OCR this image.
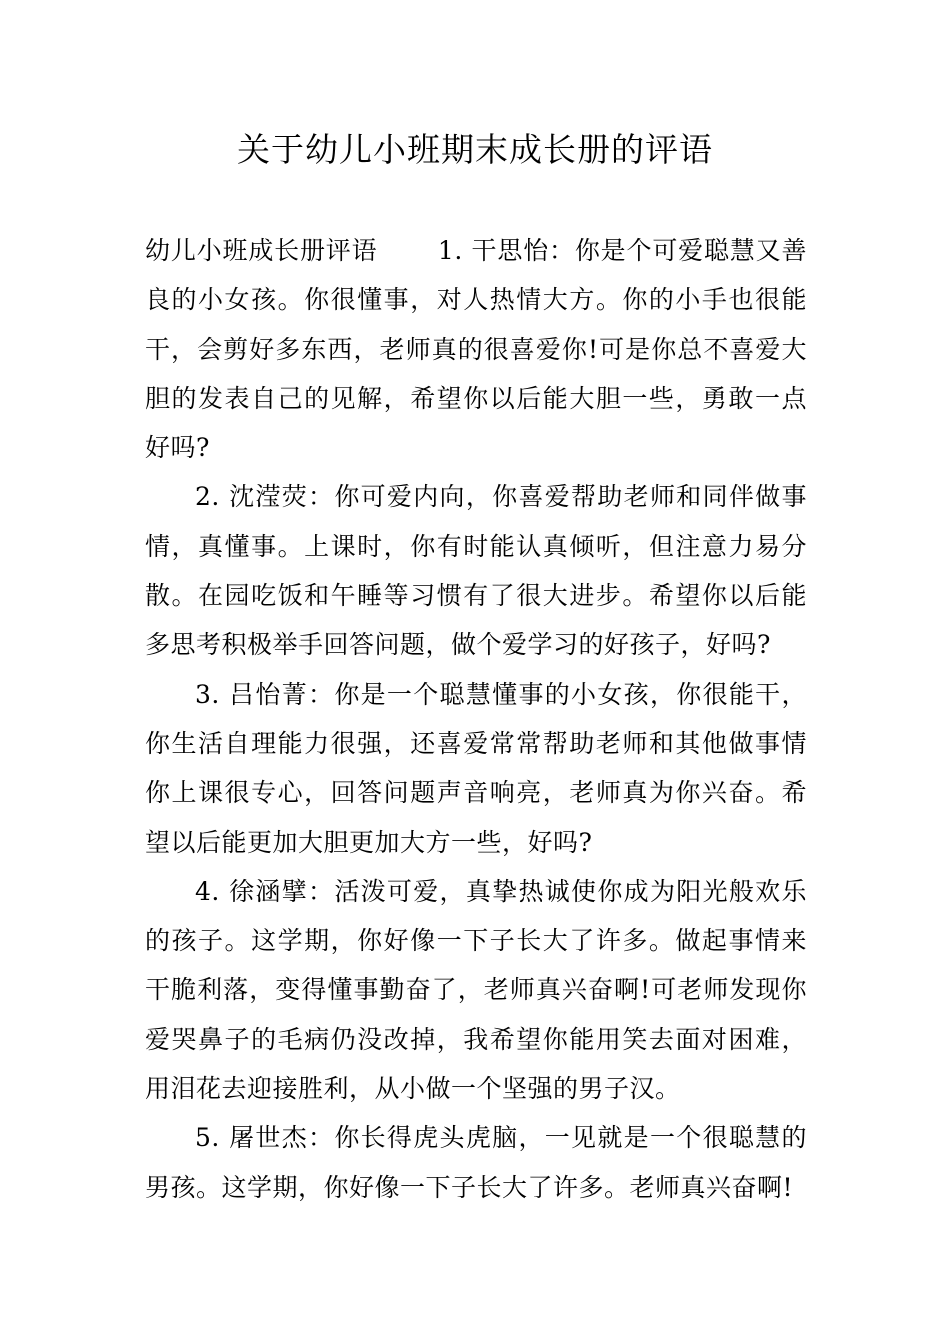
关于幼儿小班期末成长册的评语

幼儿小班成长册评语　　 1. 干思怡：你是个可爱聪慧又善良的小女孩。你很懂事，对人热情大方。你的小手也很能干，会剪好多东西，老师真的很喜爱你!可是你总不喜爱大胆的发表自己的见解，希望你以后能大胆一些，勇敢一点好吗?

2. 沈滢荧：你可爱内向，你喜爱帮助老师和同伴做事情，真懂事。上课时，你有时能认真倾听，但注意力易分散。在园吃饭和午睡等习惯有了很大进步。希望你以后能多思考积极举手回答问题，做个爱学习的好孩子，好吗?

3. 吕怡菁：你是一个聪慧懂事的小女孩，你很能干，你生活自理能力很强，还喜爱常常帮助老师和其他做事情你上课很专心，回答问题声音响亮，老师真为你兴奋。希望以后能更加大胆更加大方一些，好吗?

4. 徐涵擘：活泼可爱，真挚热诚使你成为阳光般欢乐的孩子。这学期，你好像一下子长大了许多。做起事情来干脆利落，变得懂事勤奋了，老师真兴奋啊!可老师发现你爱哭鼻子的毛病仍没改掉，我希望你能用笑去面对困难，用泪花去迎接胜利，从小做一个坚强的男子汉。

5. 屠世杰：你长得虎头虎脑，一见就是一个很聪慧的男孩。这学期，你好像一下子长大了许多。老师真兴奋啊!
